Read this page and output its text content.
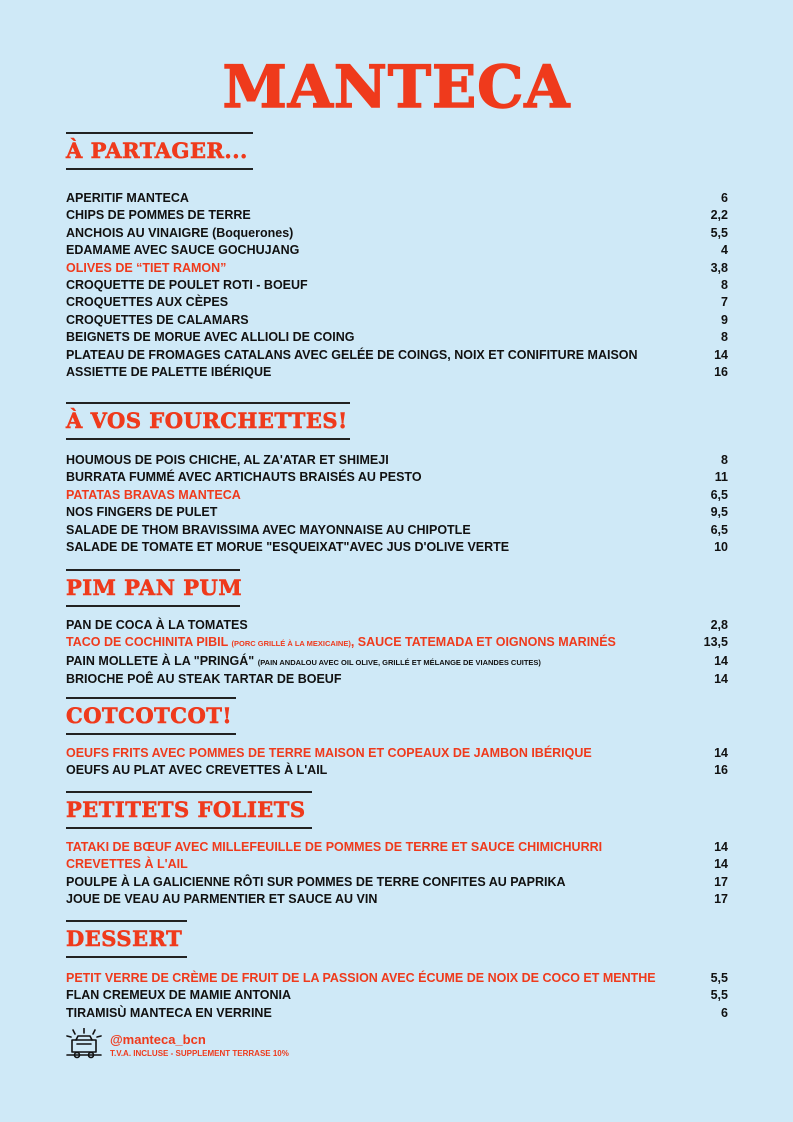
MANTECA
À PARTAGER...
APERITIF MANTECA	6
CHIPS DE POMMES DE TERRE	2,2
ANCHOIS AU VINAIGRE (Boquerones)	5,5
EDAMAME AVEC SAUCE GOCHUJANG	4
OLIVES DE “TIET RAMON”	3,8
CROQUETTE DE POULET ROTI - BOEUF	8
CROQUETTES AUX CÈPES	7
CROQUETTES DE CALAMARS	9
BEIGNETS DE MORUE AVEC ALLIOLI DE COING	8
PLATEAU DE FROMAGES CATALANS AVEC GELÉE DE COINGS, NOIX ET CONIFITURE MAISON	14
ASSIETTE DE PALETTE IBÉRIQUE	16
À VOS FOURCHETTES!
HOUMOUS DE POIS CHICHE, AL ZA'ATAR ET SHIMEJI	8
BURRATA FUMMÉ AVEC ARTICHAUTS BRAISÉS AU PESTO	11
PATATAS BRAVAS MANTECA	6,5
NOS FINGERS DE PULET	9,5
SALADE DE THOM BRAVISSIMA AVEC MAYONNAISE AU CHIPOTLE	6,5
SALADE DE TOMATE ET MORUE "ESQUEIXAT"AVEC JUS D'OLIVE VERTE	10
PIM PAN PUM
PAN DE COCA À LA TOMATES	2,8
TACO DE COCHINITA PIBIL (PORC GRILLÉ À LA MEXICAINE), SAUCE TATEMADA ET OIGNONS MARINÉS	13,5
PAIN MOLLETE À LA "PRINGÁ" (PAIN ANDALOU AVEC OIL OLIVE, GRILLÉ ET MÉLANGE DE VIANDES CUITES)	14
BRIOCHE POÊ AU STEAK TARTAR DE BOEUF	14
COTCOTCOT!
OEUFS FRITS AVEC POMMES DE TERRE MAISON ET COPEAUX DE JAMBON IBÉRIQUE	14
OEUFS AU PLAT AVEC CREVETTES À L'AIL	16
PETITETS FOLIETS
TATAKI DE BŒUF AVEC MILLEFEUILLE DE POMMES DE TERRE ET SAUCE CHIMICHURRI	14
CREVETTES À L'AIL	14
POULPE À LA GALICIENNE RÔTI SUR POMMES DE TERRE CONFITES AU PAPRIKA	17
JOUE DE VEAU AU PARMENTIER ET SAUCE AU VIN	17
DESSERT
PETIT VERRE DE CRÈME DE FRUIT DE LA PASSION AVEC ÉCUME DE NOIX DE COCO ET MENTHE	5,5
FLAN CREMEUX DE MAMIE ANTONIA	5,5
TIRAMISÙ MANTECA EN VERRINE	6
@manteca_bcn
T.V.A. INCLUSE - SUPPLEMENT TERRASE 10%
